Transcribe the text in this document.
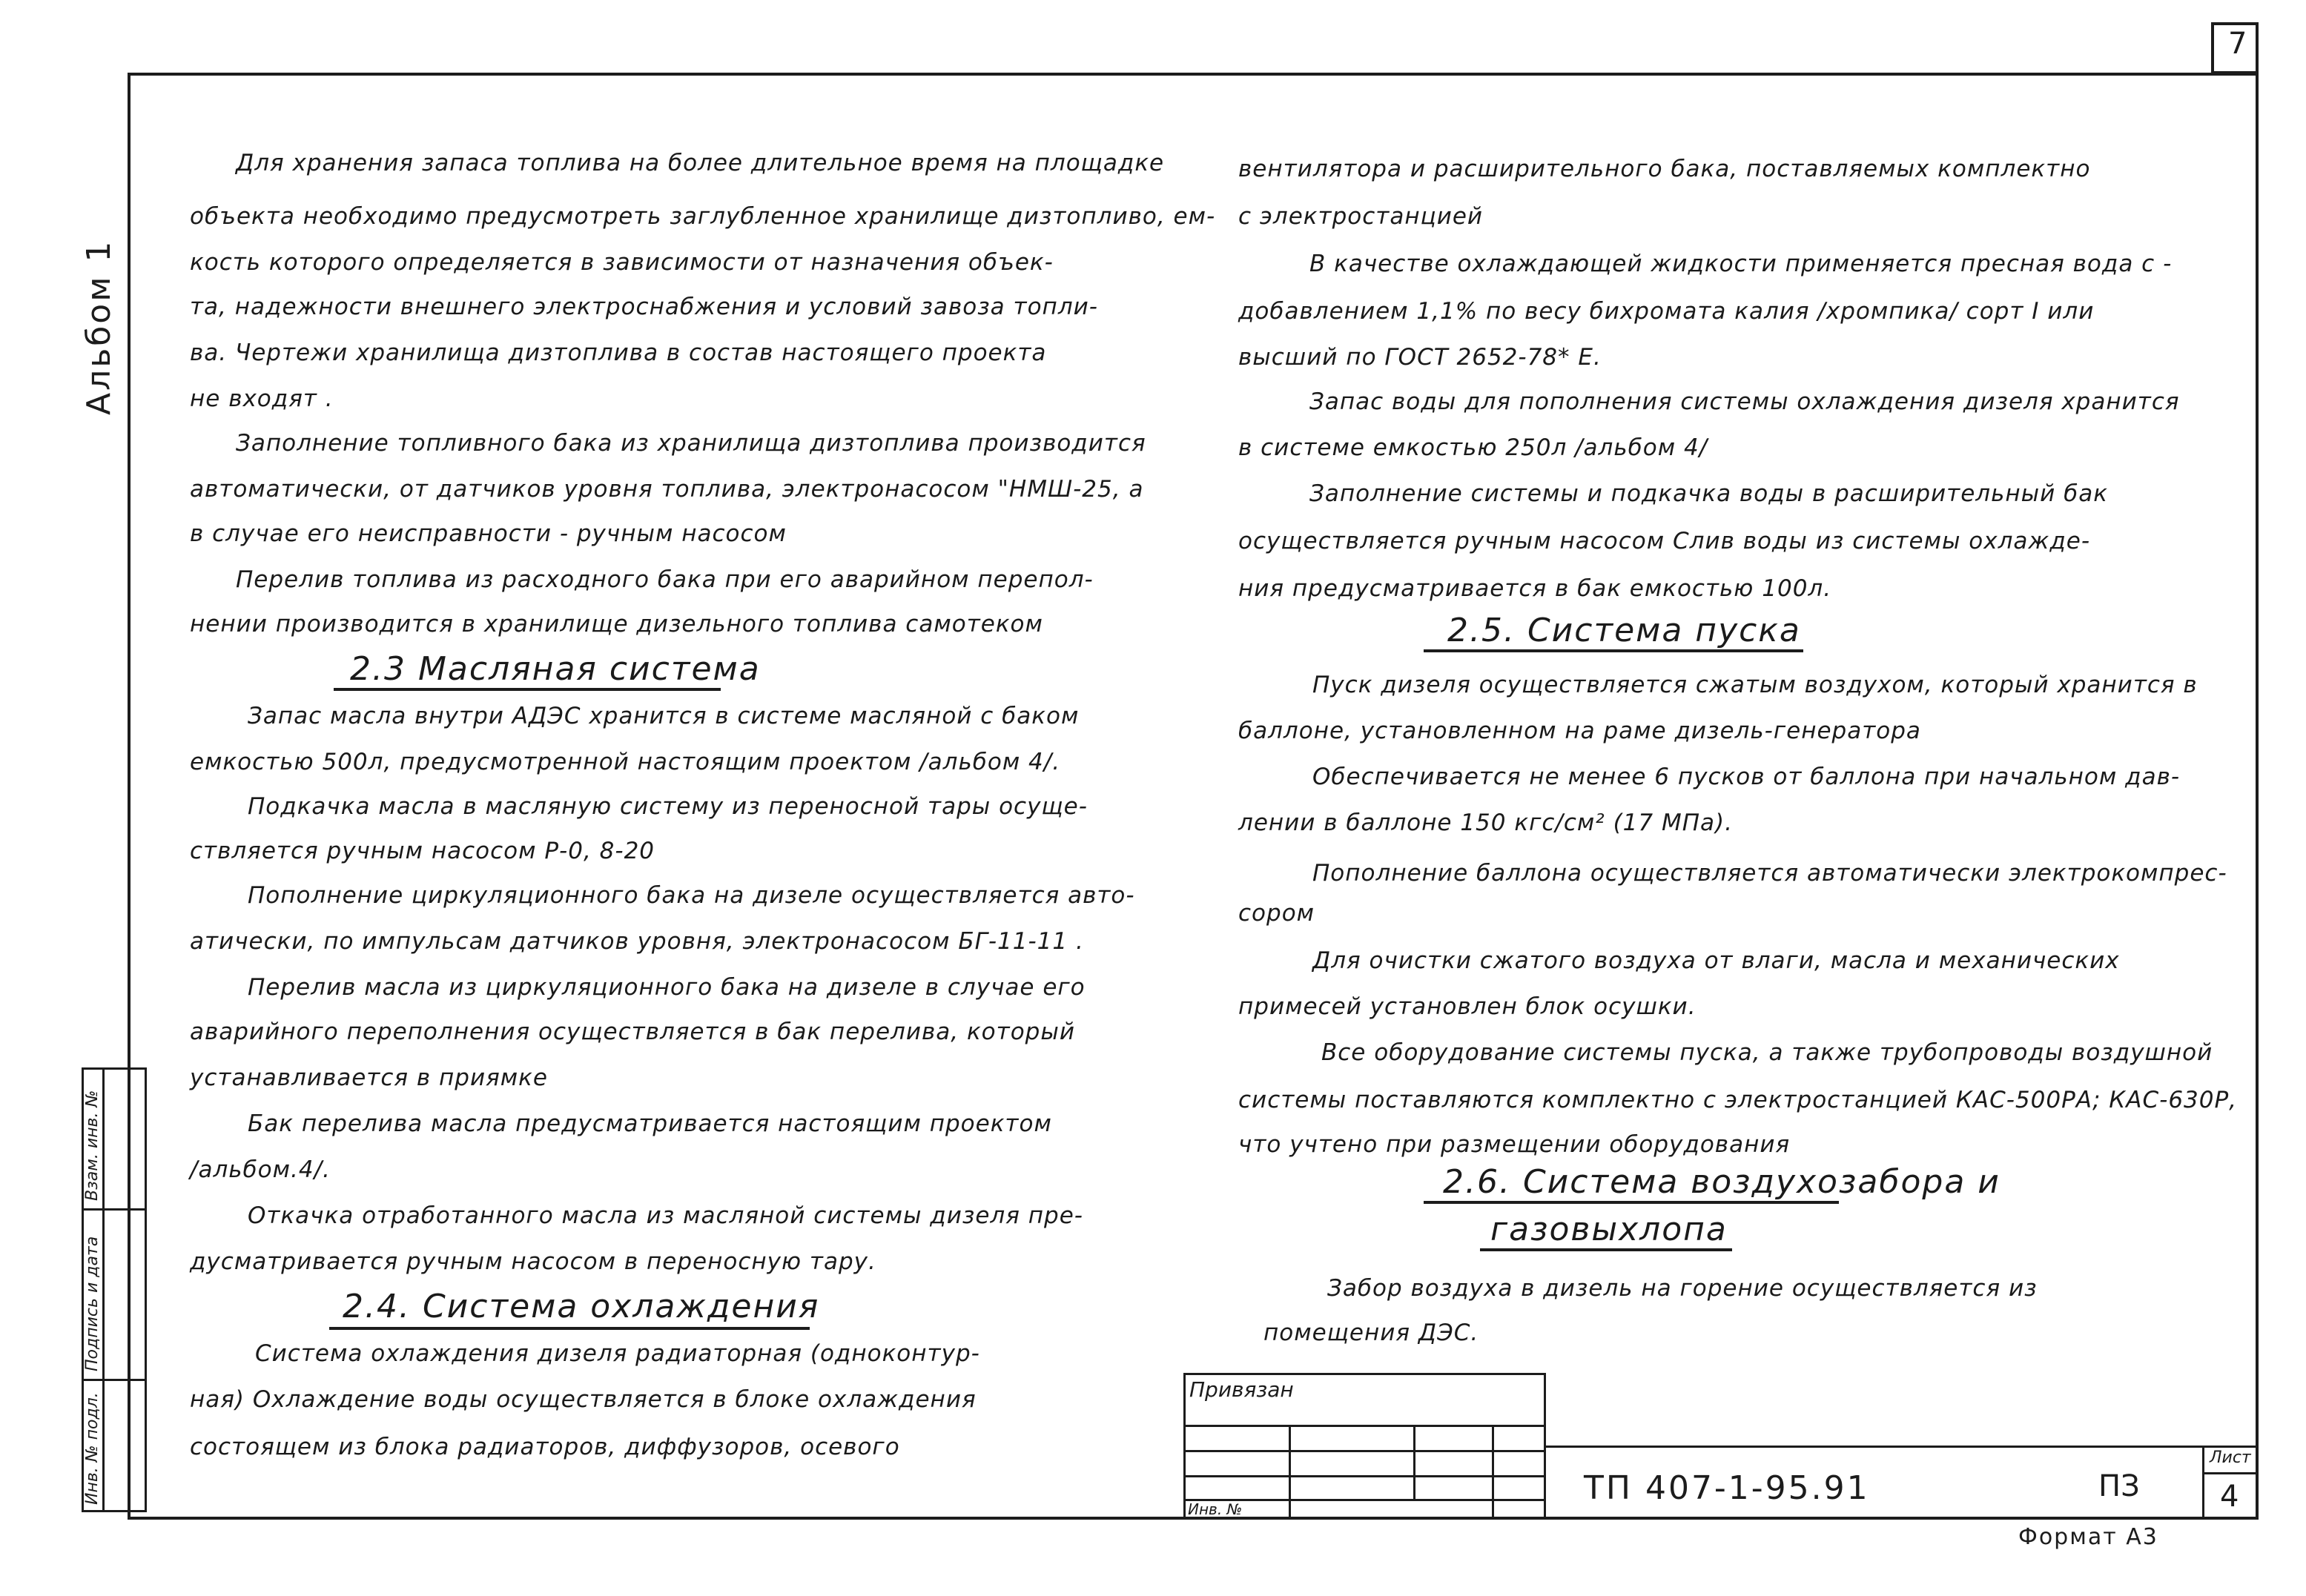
7
Альбом 1
Инв. № подл.
Подпись и дата
Взам. инв. №
Для хранения запаса топлива на более длительное время на площадке
объекта необходимо предусмотреть заглубленное хранилище дизтопливо, ем-
кость которого определяется в зависимости от назначения объек-
та, надежности внешнего электроснабжения и условий завоза топли-
ва. Чертежи хранилища дизтоплива в состав настоящего проекта
не входят .
Заполнение топливного бака из хранилища дизтоплива производится
автоматически, от датчиков уровня топлива, электронасосом "НМШ-25, а
в случае его неисправности - ручным насосом
Перелив топлива из расходного бака при его аварийном перепол-
нении производится в хранилище дизельного топлива самотеком
2.3 Масляная система
Запас масла внутри АДЭС хранится в системе масляной с баком
емкостью 500л, предусмотренной настоящим проектом /альбом 4/.
Подкачка масла в масляную систему из переносной тары осуще-
ствляется ручным насосом Р-0, 8-20
Пополнение циркуляционного бака на дизеле осуществляется авто-
атически, по импульсам датчиков уровня, электронасосом БГ-11-11 .
Перелив масла из циркуляционного бака на дизеле в случае его
аварийного переполнения осуществляется в бак перелива, который
устанавливается в приямке
Бак перелива масла предусматривается настоящим проектом
/альбом.4/.
Откачка отработанного масла из масляной системы дизеля пре-
дусматривается ручным насосом в переносную тару.
2.4. Система охлаждения
Система охлаждения дизеля радиаторная (одноконтур-
ная) Охлаждение воды осуществляется в блоке охлаждения
состоящем из блока радиаторов, диффузоров, осевого
вентилятора и расширительного бака, поставляемых комплектно
с электростанцией
В качестве охлаждающей жидкости применяется пресная вода с -
добавлением 1,1% по весу бихромата калия /хромпика/ сорт I или
высший по ГОСТ 2652-78* Е.
Запас воды для пополнения системы охлаждения дизеля хранится
в системе емкостью 250л /альбом 4/
Заполнение системы и подкачка воды в расширительный бак
осуществляется ручным насосом Слив воды из системы охлажде-
ния предусматривается в бак емкостью 100л.
2.5. Система пуска
Пуск дизеля осуществляется сжатым воздухом, который хранится в
баллоне, установленном на раме дизель-генератора
Обеспечивается не менее 6 пусков от баллона при начальном дав-
лении в баллоне 150 кгс/см² (17 МПа).
Пополнение баллона осуществляется автоматически электрокомпрес-
сором
Для очистки сжатого воздуха от влаги, масла и механических
примесей установлен блок осушки.
Все оборудование системы пуска, а также трубопроводы воздушной
системы поставляются комплектно с электростанцией КАС-500РА; КАС-630Р,
что учтено при размещении оборудования
2.6. Система воздухозабора и
газовыхлопа
Забор воздуха в дизель на горение осуществляется из
помещения ДЭС.
Привязан
Инв. №
ТП 407-1-95.91	ПЗ
Лист
4
Формат А3
